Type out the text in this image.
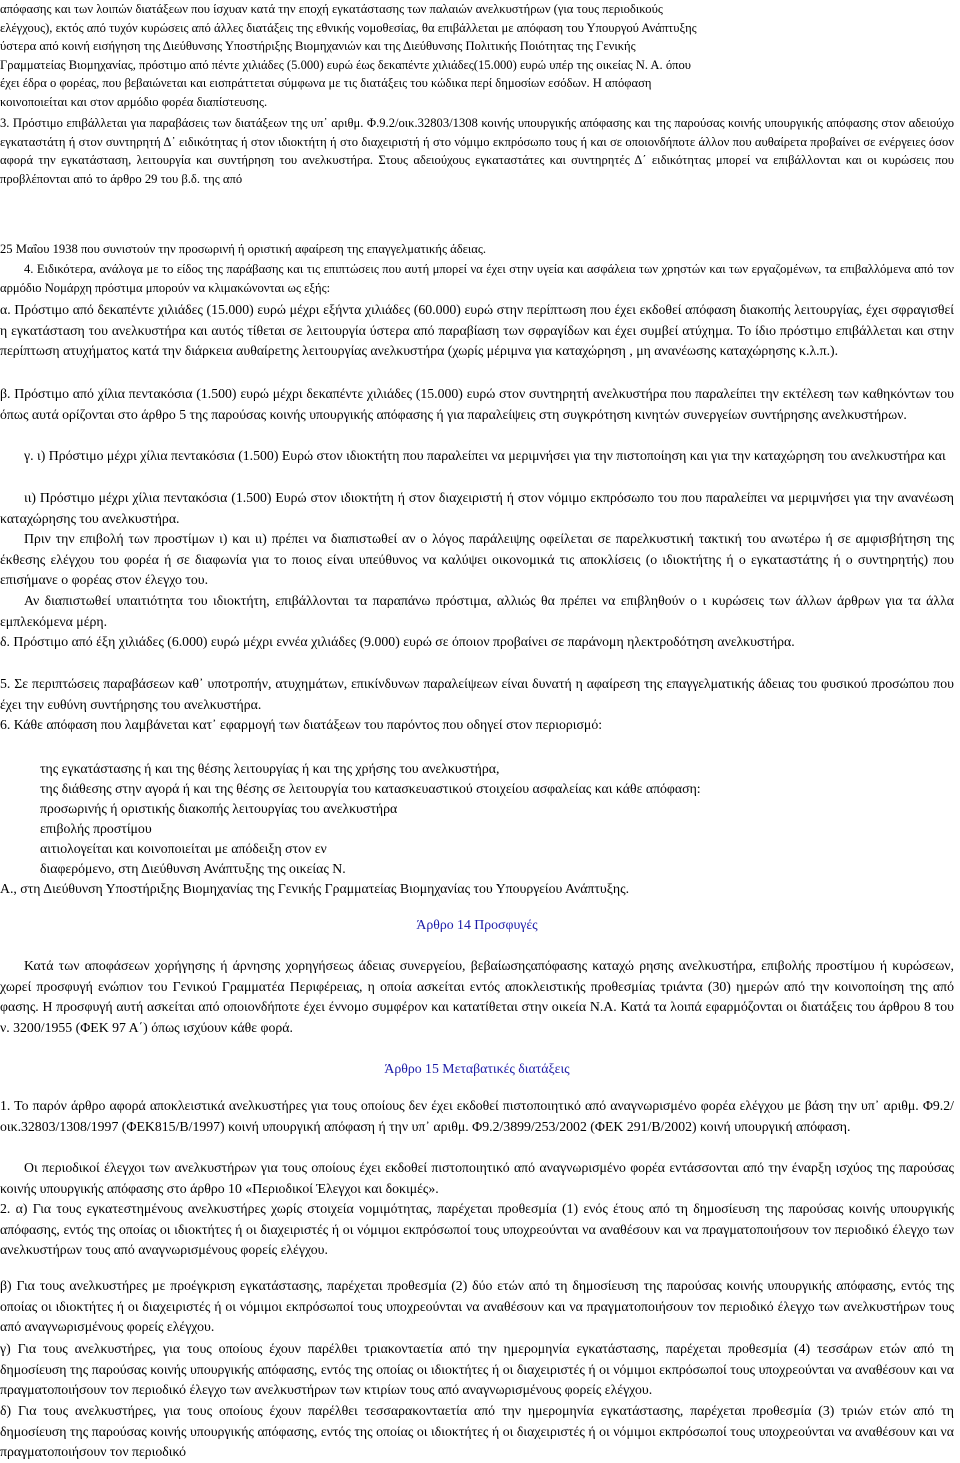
απόφασης και των λοιπών διατάξεων που ίσχυαν κατά την εποχή εγκατάστασης των παλαιών ανελκυστήρων (για τους περιοδικούς
ελέγχους), εκτός από τυχόν κυρώσεις από άλλες διατάξεις της εθνικής νομοθεσίας, θα επιβάλλεται με απόφαση του Υπουργού Ανάπτυξης
ύστερα από κοινή εισήγηση της Διεύθυνσης Υποστήριξης Βιομηχανιών και της Διεύθυνσης Πολιτικής Ποιότητας της Γενικής
Γραμματείας Βιομηχανίας, πρόστιμο από πέντε χιλιάδες (5.000) ευρώ έως δεκαπέντε χιλιάδες(15.000) ευρώ υπέρ της οικείας Ν. Α. όπου
έχει έδρα ο φορέας, που βεβαιώνεται και εισπράττεται σύμφωνα με τις διατάξεις του κώδικα περί δημοσίων εσόδων. Η απόφαση
κοινοποιείται και στον αρμόδιο φορέα διαπίστευσης.

3. Πρόστιμο επιβάλλεται για παραβάσεις των διατάξεων της υπ᾽ αριθμ. Φ.9.2/οικ.32803/1308 κοινής υπουργικής απόφασης και της παρούσας κοινής υπουργικής απόφασης στον αδειούχο εγκαταστάτη ή στον συντηρητή Δ᾽ ειδικότητας ή στον ιδιοκτήτη ή στο διαχειριστή ή στο νόμιμο εκπρόσωπο τους ή και σε οποιονδήποτε άλλον που αυθαίρετα προβαίνει σε ενέργειες όσον αφορά την εγκατάσταση, λειτουργία και συντήρηση του ανελκυστήρα. Στους αδειούχους εγκαταστάτες και συντηρητές Δ΄ ειδικότητας μπορεί να επιβάλλονται και οι κυρώσεις που προβλέπονται από το άρθρο 29 του β.δ. της από

25 Μαΐου 1938 που συνιστούν την προσωρινή ή οριστική αφαίρεση της επαγγελματικής άδειας.

4. Ειδικότερα, ανάλογα με το είδος της παράβασης και τις επιπτώσεις που αυτή μπορεί να έχει στην υγεία και ασφάλεια των χρηστών και των εργαζομένων, τα επιβαλλόμενα από τον αρμόδιο Νομάρχη πρόστιμα μπορούν να κλιμακώνονται ως εξής:

α. Πρόστιμο από δεκαπέντε χιλιάδες (15.000) ευρώ μέχρι εξήντα χιλιάδες (60.000) ευρώ στην περίπτωση που έχει εκδοθεί απόφαση διακοπής λειτουργίας, έχει σφραγισθεί η εγκατάσταση του ανελκυστήρα και αυτός τίθεται σε λειτουργία ύστερα από παραβίαση των σφραγίδων και έχει συμβεί ατύχημα. Το ίδιο πρόστιμο επιβάλλεται και στην περίπτωση ατυχήματος κατά την διάρκεια αυθαίρετης λειτουργίας ανελκυστήρα (χωρίς μέριμνα για καταχώρηση , μη ανανέωσης καταχώρησης κ.λ.π.).

β. Πρόστιμο από χίλια πεντακόσια (1.500) ευρώ μέχρι δεκαπέντε χιλιάδες (15.000) ευρώ στον συντηρητή ανελκυστήρα που παραλείπει την εκτέλεση των καθηκόντων του όπως αυτά ορίζονται στο άρθρο 5 της παρούσας κοινής υπουργικής απόφασης ή για παραλείψεις στη συγκρότηση κινητών συνεργείων συντήρησης ανελκυστήρων.

γ. ι) Πρόστιμο μέχρι χίλια πεντακόσια (1.500) Ευρώ στον ιδιοκτήτη που παραλείπει να μεριμνήσει για την πιστοποίηση και για την καταχώρηση του ανελκυστήρα και

ιι) Πρόστιμο μέχρι χίλια πεντακόσια (1.500) Ευρώ στον ιδιοκτήτη ή στον διαχειριστή ή στον νόμιμο εκπρόσωπο του που παραλείπει να μεριμνήσει για την ανανέωση καταχώρησης του ανελκυστήρα.

Πριν την επιβολή των προστίμων ι) και ιι) πρέπει να διαπιστωθεί αν ο λόγος παράλειψης οφείλεται σε παρελκυστική τακτική του ανωτέρω ή σε αμφισβήτηση της έκθεσης ελέγχου του φορέα ή σε διαφωνία για το ποιος είναι υπεύθυνος να καλύψει οικονομικά τις αποκλίσεις (ο ιδιοκτήτης ή ο εγκαταστάτης ή ο συντηρητής) που επισήμανε ο φορέας στον έλεγχο του.

Αν διαπιστωθεί υπαιτιότητα του ιδιοκτήτη, επιβάλλονται τα παραπάνω πρόστιμα, αλλιώς θα πρέπει να επιβληθούν ο ι κυρώσεις των άλλων άρθρων για τα άλλα εμπλεκόμενα μέρη.

δ. Πρόστιμο από έξη χιλιάδες (6.000) ευρώ μέχρι εννέα χιλιάδες (9.000) ευρώ σε όποιον προβαίνει σε παράνομη ηλεκτροδότηση ανελκυστήρα.

5. Σε περιπτώσεις παραβάσεων καθ᾽ υποτροπήν, ατυχημάτων, επικίνδυνων παραλείψεων είναι δυνατή η αφαίρεση της επαγγελματικής άδειας του φυσικού προσώπου που έχει την ευθύνη συντήρησης του ανελκυστήρα.

6. Κάθε απόφαση που λαμβάνεται κατ᾽ εφαρμογή των διατάξεων του παρόντος που οδηγεί στον περιορισμό:

της εγκατάστασης ή και της θέσης λειτουργίας ή και της χρήσης του ανελκυστήρα,

της διάθεσης στην αγορά ή και της θέσης σε λειτουργία του κατασκευαστικού στοιχείου ασφαλείας και κάθε απόφαση:

προσωρινής ή οριστικής διακοπής λειτουργίας του ανελκυστήρα

επιβολής προστίμου

αιτιολογείται και κοινοποιείται με απόδειξη στον εν

διαφερόμενο, στη Διεύθυνση Ανάπτυξης της οικείας Ν.

Α., στη Διεύθυνση Υποστήριξης Βιομηχανίας της Γενικής Γραμματείας Βιομηχανίας του Υπουργείου Ανάπτυξης.

Άρθρο 14 Προσφυγές

Κατά των αποφάσεων χορήγησης ή άρνησης χορηγήσεως άδειας συνεργείου, βεβαίωσηςαπόφασης καταχώ ρησης ανελκυστήρα, επιβολής προστίμου ή κυρώσεων, χωρεί προσφυγή ενώπιον του Γενικού Γραμματέα Περιφέρειας, η οποία ασκείται εντός αποκλειστικής προθεσμίας τριάντα (30) ημερών από την κοινοποίηση της από φασης. Η προσφυγή αυτή ασκείται από οποιονδήποτε έχει έννομο συμφέρον και κατατίθεται στην οικεία Ν.Α. Κατά τα λοιπά εφαρμόζονται οι διατάξεις του άρθρου 8 του ν. 3200/1955 (ΦΕΚ 97 Α΄) όπως ισχύουν κάθε φορά.

Άρθρο 15 Μεταβατικές διατάξεις

1. Το παρόν άρθρο αφορά αποκλειστικά ανελκυστήρες για τους οποίους δεν έχει εκδοθεί πιστοποιητικό από αναγνωρισμένο φορέα ελέγχου με βάση την υπ᾽ αριθμ. Φ9.2/οικ.32803/1308/1997 (ΦΕΚ815/Β/1997) κοινή υπουργική απόφαση ή την υπ᾽ αριθμ. Φ9.2/3899/253/2002 (ΦΕΚ 291/Β/2002) κοινή υπουργική απόφαση.

Οι περιοδικοί έλεγχοι των ανελκυστήρων για τους οποίους έχει εκδοθεί πιστοποιητικό από αναγνωρισμένο φορέα εντάσσονται από την έναρξη ισχύος της παρούσας κοινής υπουργικής απόφασης στο άρθρο 10 «Περιοδικοί Έλεγχοι και δοκιμές».

2. α) Για τους εγκατεστημένους ανελκυστήρες χωρίς στοιχεία νομιμότητας, παρέχεται προθεσμία (1) ενός έτους από τη δημοσίευση της παρούσας κοινής υπουργικής απόφασης, εντός της οποίας οι ιδιοκτήτες ή οι διαχειριστές ή οι νόμιμοι εκπρόσωποί τους υποχρεούνται να αναθέσουν και να πραγματοποιήσουν τον περιοδικό έλεγχο των ανελκυστήρων τους από αναγνωρισμένους φορείς ελέγχου.

β) Για τους ανελκυστήρες με προέγκριση εγκατάστασης, παρέχεται προθεσμία (2) δύο ετών από τη δημοσίευση της παρούσας κοινής υπουργικής απόφασης, εντός της οποίας οι ιδιοκτήτες ή οι διαχειριστές ή οι νόμιμοι εκπρόσωποί τους υποχρεούνται να αναθέσουν και να πραγματοποιήσουν τον περιοδικό έλεγχο των ανελκυστήρων τους από αναγνωρισμένους φορείς ελέγχου.

γ) Για τους ανελκυστήρες, για τους οποίους έχουν παρέλθει τριακονταετία από την ημερομηνία εγκατάστασης, παρέχεται προθεσμία (4) τεσσάρων ετών από τη δημοσίευση της παρούσας κοινής υπουργικής απόφασης, εντός της οποίας οι ιδιοκτήτες ή οι διαχειριστές ή οι νόμιμοι εκπρόσωποί τους υποχρεούνται να αναθέσουν και να πραγματοποιήσουν τον περιοδικό έλεγχο των ανελκυστήρων των κτιρίων τους από αναγνωρισμένους φορείς ελέγχου.

δ) Για τους ανελκυστήρες, για τους οποίους έχουν παρέλθει τεσσαρακονταετία από την ημερομηνία εγκατάστασης, παρέχεται προθεσμία (3) τριών ετών από τη δημοσίευση της παρούσας κοινής υπουργικής απόφασης, εντός της οποίας οι ιδιοκτήτες ή οι διαχειριστές ή οι νόμιμοι εκπρόσωποί τους υποχρεούνται να αναθέσουν και να πραγματοποιήσουν τον περιοδικό
